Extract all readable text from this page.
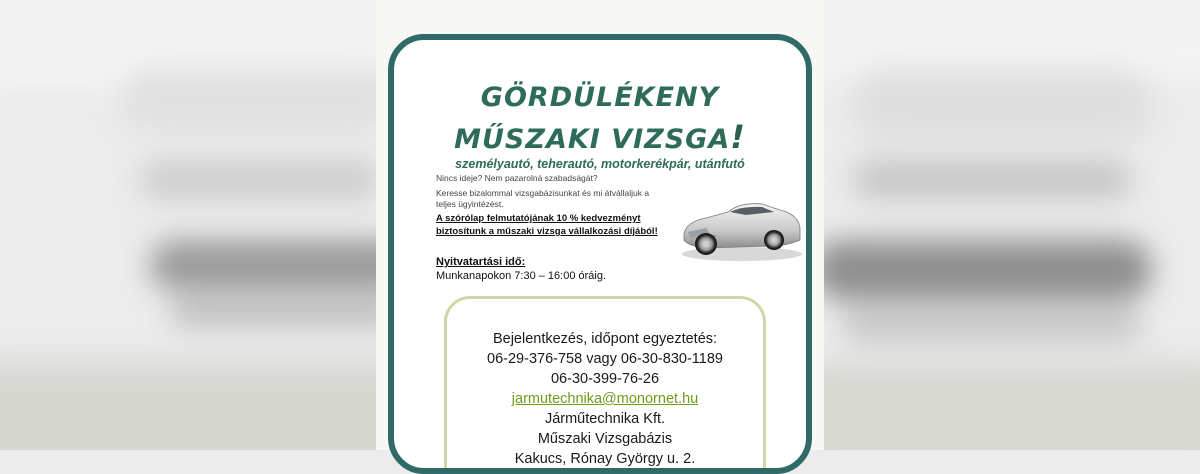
GÖRDÜLÉKENY
MŰSZAKI VIZSGA!
személyautó, teherautó, motorkerékpár, utánfutó
Nincs ideje? Nem pazarolná szabadságát?
Keresse bizalommal vizsgabázisunkat és mi átvállaljuk a teljes ügyintézést.
A szórólap felmutatójának 10 % kedvezményt biztosítunk a műszaki vizsga vállalkozási díjából!
Nyitvatartási idő:
Munkanapokon 7:30 – 16:00 óráig.
Bejelentkezés, időpont egyeztetés:
06-29-376-758 vagy 06-30-830-1189
06-30-399-76-26
jarmutechnika@monornet.hu
Járműtechnika Kft.
Műszaki Vizsgabázis
Kakucs, Rónay György u. 2.
